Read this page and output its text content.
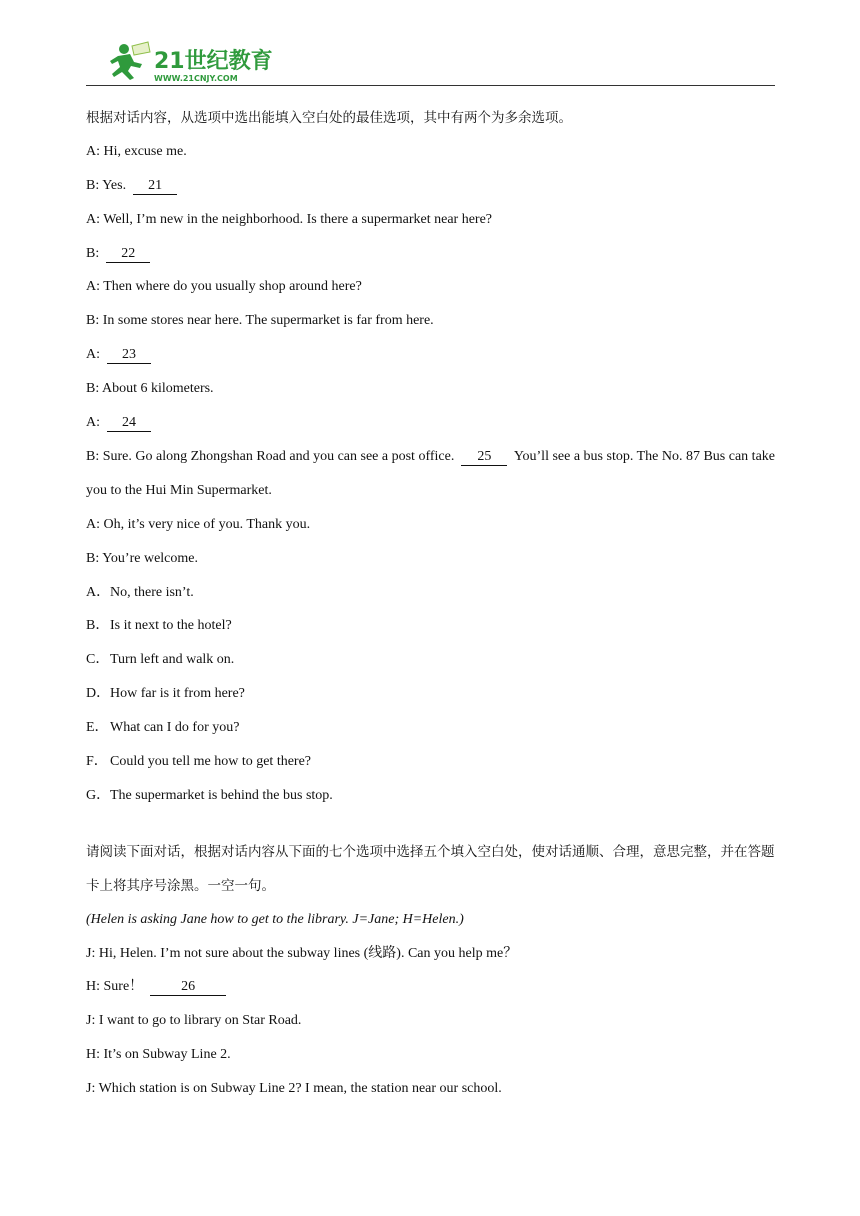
21世纪教育
WWW.21CNJY.COM
根据对话内容，从选项中选出能填入空白处的最佳选项，其中有两个为多余选项。
A: Hi, excuse me.
B: Yes. 21
A: Well, I’m new in the neighborhood. Is there a supermarket near here?
B: 22
A: Then where do you usually shop around here?
B: In some stores near here. The supermarket is far from here.
A: 23
B: About 6 kilometers.
A: 24
B: Sure. Go along Zhongshan Road and you can see a post office. 25 You’ll see a bus stop. The No. 87 Bus can take you to the Hui Min Supermarket.
A: Oh, it’s very nice of you. Thank you.
B: You’re welcome.
A．No, there isn’t.
B．Is it next to the hotel?
C．Turn left and walk on.
D．How far is it from here?
E．What can I do for you?
F． Could you tell me how to get there?
G．The supermarket is behind the bus stop.
请阅读下面对话，根据对话内容从下面的七个选项中选择五个填入空白处，使对话通顺、合理，意思完整，并在答题卡上将其序号涂黑。一空一句。
(Helen is asking Jane how to get to the library. J=Jane; H=Helen.)
J: Hi, Helen. I’m not sure about the subway lines (线路). Can you help me？
H: Sure！	26
J: I want to go to library on Star Road.
H: It’s on Subway Line 2.
J: Which station is on Subway Line 2? I mean, the station near our school.
